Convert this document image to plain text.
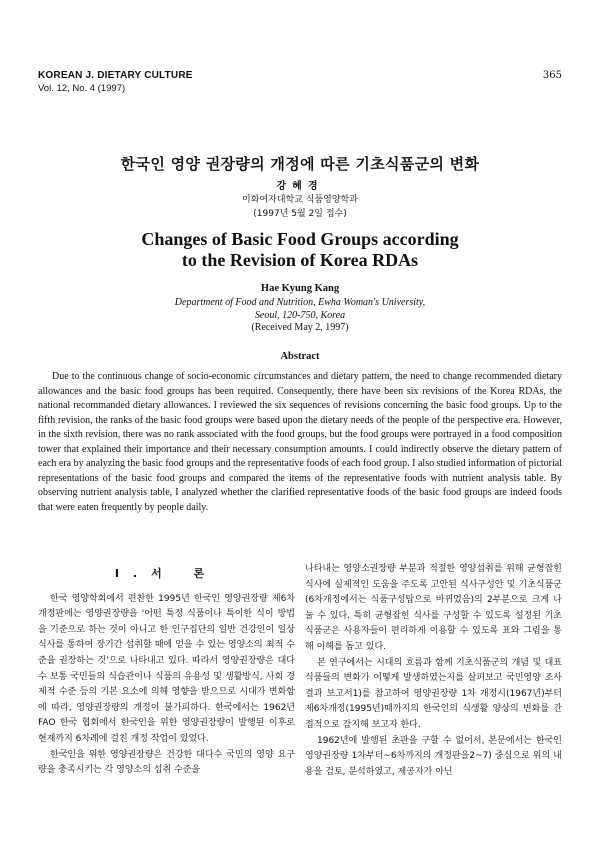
KOREAN J. DIETARY CULTURE
Vol. 12, No. 4 (1997)
365
한국인 영양 권장량의 개정에 따른 기초식품군의 변화
강혜경
이화여자대학교 식품영양학과
(1997년 5월 2일 접수)
Changes of Basic Food Groups according
to the Revision of Korea RDAs
Hae Kyung Kang
Department of Food and Nutrition, Ewha Woman's University,
Seoul, 120-750, Korea
(Received May 2, 1997)
Abstract

Due to the continuous change of socio-economic circumstances and dietary pattern, the need to change recommended dietary allowances and the basic food groups has been required. Consequently, there have been six revisions of the Korea RDAs, the national recommanded dietary allowances. I reviewed the six sequences of revisions concerning the basic food groups. Up to the fifth revision, the ranks of the basic food groups were based upon the dietary needs of the people of the perspective era. However, in the sixth revision, there was no rank associated with the food groups, but the food groups were portrayed in a food composition tower that explained their importance and their necessary consumption amounts. I could indirectly observe the dietary pattern of each era by analyzing the basic food groups and the representative foods of each food group. I also studied information of pictorial representations of the basic food groups and compared the items of the representative foods with nutrient analysis table. By observing nutrient analysis table, I analyzed whether the clarified representative foods of the basic food groups are indeed foods that were eaten frequently by people daily.

I.서 론

한국 영양학회에서 편찬한 1995년 한국인 영양권장량 제6차 개정판에는 영양권장량을 '어떤 특정 식품이나 특이한 식이 방법을 기준으로 하는 것이 아니고 한 인구집단의 일반 건강인이 일상 식사를 통하여 장기간 섭취할 때에 얻을 수 있는 영양소의 최적 수준을 권장하는 것'으로 나타내고 있다. 따라서 영양권장량은 대다수 보통 국민들의 식습관이나 식품의 유용성 및 생활방식, 사회 경제적 수준 등의 기본 요소에 의해 영향을 받으므로 시대가 변화함에 따라, 영양권장량의 개정이 불가피하다. 한국에서는 1962년 FAO 한국 협회에서 한국인을 위한 영양권장량이 발행된 이후로 현재까지 6차례에 걸친 개정 작업이 있었다.

한국인을 위한 영양권장량은 건강한 대다수 국민의 영양 요구량을 충족시키는 각 영양소의 섭취 수준을

나타내는 영양소권장량 부분과 적절한 영양섭취를 위해 균형잡힌 식사에 실제적인 도움을 주도록 고안된 식사구성안 및 기초식품군(6차개정에서는 식품구성탑으로 바뀌었음)의 2부분으로 크게 나눌 수 있다. 특히 균형잡힌 식사를 구성할 수 있도록 설정된 기초 식품군은 사용자들이 편리하게 이용할 수 있도록 표와 그림을 통해 이해를 돕고 있다.

본 연구에서는 시대의 흐름과 함께 기초식품군의 개념 및 대표식품들의 변화가 어떻게 발생하였는지를 살펴보고 국민영양 조사 결과 보고서1)를 참고하여 영양권장량 1차 개정시(1967년)부터 제6차개정(1995년)때까지의 한국인의 식생활 양상의 변화를 간접적으로 감지해 보고자 한다.

1962년에 발행된 초판을 구할 수 없어서, 본문에서는 한국인 영양권장량 1차부터~6차까지의 개정판을2~7) 중심으로 위의 내용을 검토, 분석하였고, 제공자가 아닌
